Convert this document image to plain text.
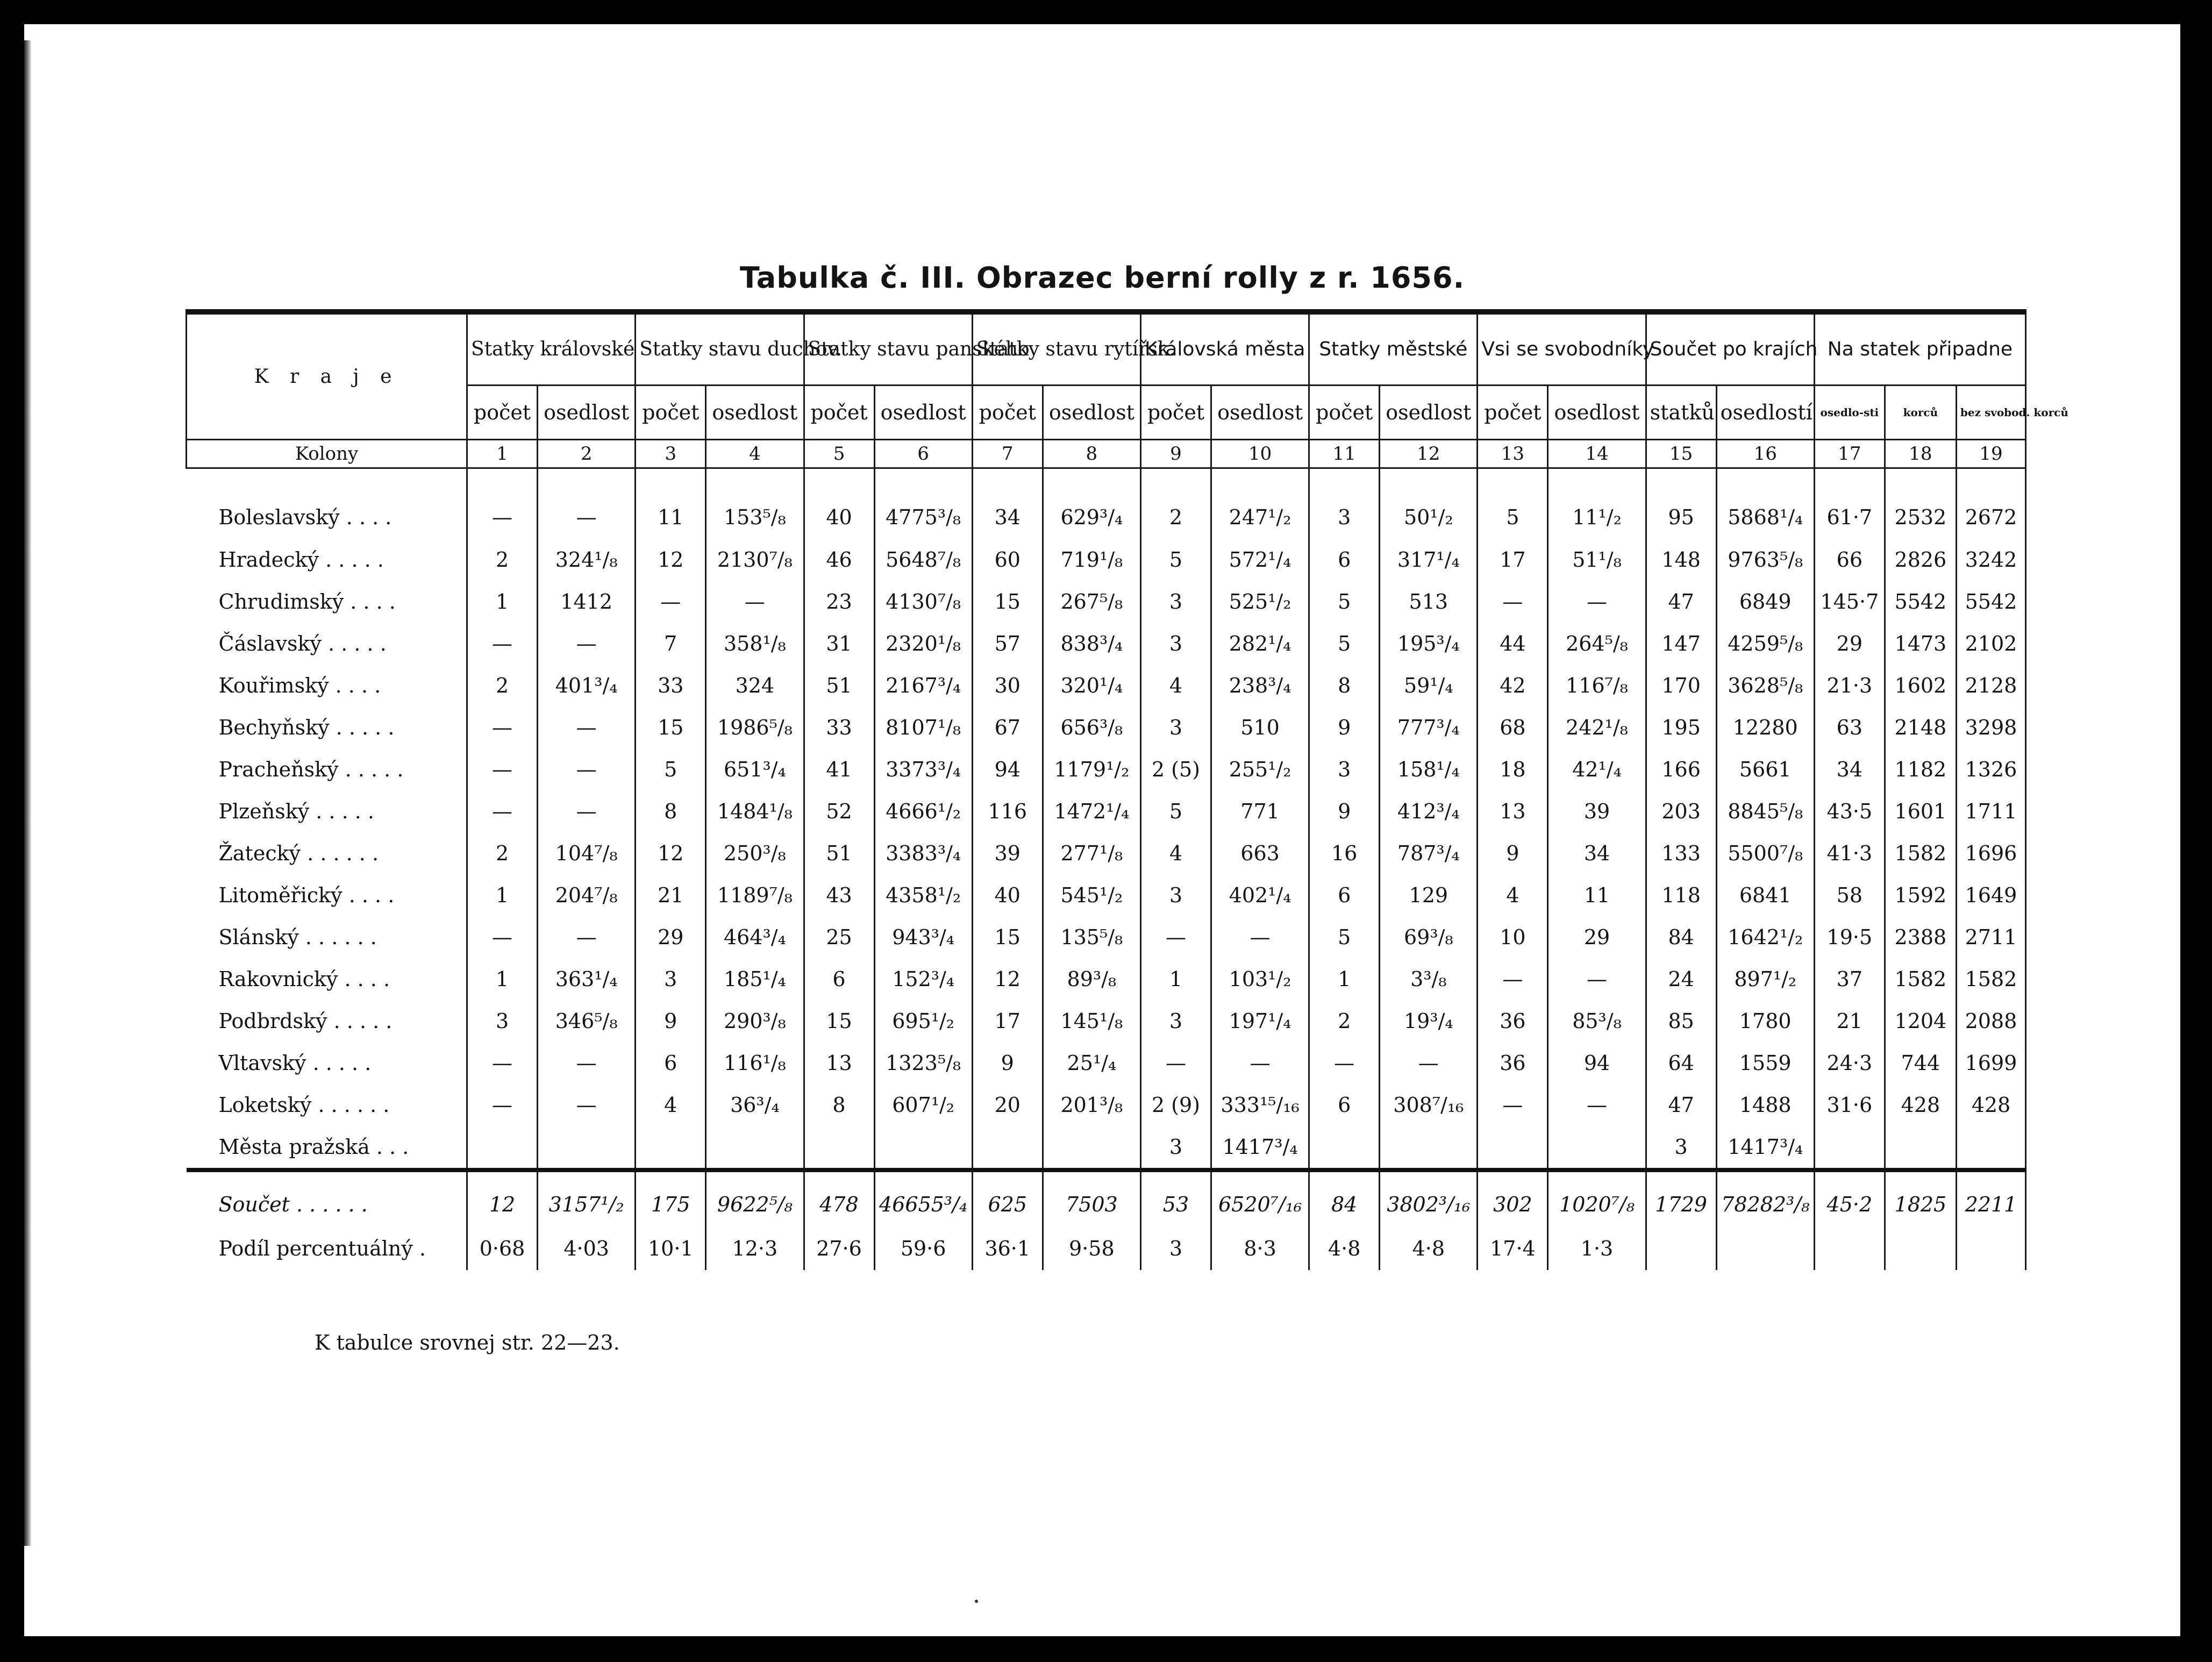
Tabulka č. III. Obrazec berní rolly z r. 1656.
K r a j e	Statky královské		Statky stavu duchov.		Statky stavu panského		Statky stavu rytířsk.		Královská města		Statky městské		Vsi se svobodníky		Součet po krajích		Na statek připadne		
	počet	osedlost	počet	osedlost	počet	osedlost	počet	osedlost	počet	osedlost	počet	osedlost	počet	osedlost	statků	osedlostí	osedlo-sti	korců	bez svobod. korců
Kolony	1	2	3	4	5	6	7	8	9	10	11	12	13	14	15	16	17	18	19
Boleslavský . . . .	—	—	11	153⁵/₈	40	4775³/₈	34	629³/₄	2	247¹/₂	3	50¹/₂	5	11¹/₂	95	5868¹/₄	61·7	2532	2672
Hradecký . . . . .	2	324¹/₈	12	2130⁷/₈	46	5648⁷/₈	60	719¹/₈	5	572¹/₄	6	317¹/₄	17	51¹/₈	148	9763⁵/₈	66	2826	3242
Chrudimský . . . .	1	1412	—	—	23	4130⁷/₈	15	267⁵/₈	3	525¹/₂	5	513	—	—	47	6849	145·7	5542	5542
Čáslavský . . . . .	—	—	7	358¹/₈	31	2320¹/₈	57	838³/₄	3	282¹/₄	5	195³/₄	44	264⁵/₈	147	4259⁵/₈	29	1473	2102
Kouřimský . . . .	2	401³/₄	33	324	51	2167³/₄	30	320¹/₄	4	238³/₄	8	59¹/₄	42	116⁷/₈	170	3628⁵/₈	21·3	1602	2128
Bechyňský . . . . .	—	—	15	1986⁵/₈	33	8107¹/₈	67	656³/₈	3	510	9	777³/₄	68	242¹/₈	195	12280	63	2148	3298
Pracheňský . . . . .	—	—	5	651³/₄	41	3373³/₄	94	1179¹/₂	2 (5)	255¹/₂	3	158¹/₄	18	42¹/₄	166	5661	34	1182	1326
Plzeňský . . . . .	—	—	8	1484¹/₈	52	4666¹/₂	116	1472¹/₄	5	771	9	412³/₄	13	39	203	8845⁵/₈	43·5	1601	1711
Žatecký . . . . . .	2	104⁷/₈	12	250³/₈	51	3383³/₄	39	277¹/₈	4	663	16	787³/₄	9	34	133	5500⁷/₈	41·3	1582	1696
Litoměřický . . . .	1	204⁷/₈	21	1189⁷/₈	43	4358¹/₂	40	545¹/₂	3	402¹/₄	6	129	4	11	118	6841	58	1592	1649
Slánský . . . . . .	—	—	29	464³/₄	25	943³/₄	15	135⁵/₈	—	—	5	69³/₈	10	29	84	1642¹/₂	19·5	2388	2711
Rakovnický . . . .	1	363¹/₄	3	185¹/₄	6	152³/₄	12	89³/₈	1	103¹/₂	1	3³/₈	—	—	24	897¹/₂	37	1582	1582
Podbrdský . . . . .	3	346⁵/₈	9	290³/₈	15	695¹/₂	17	145¹/₈	3	197¹/₄	2	19³/₄	36	85³/₈	85	1780	21	1204	2088
Vltavský . . . . .	—	—	6	116¹/₈	13	1323⁵/₈	9	25¹/₄	—	—	—	—	36	94	64	1559	24·3	744	1699
Loketský . . . . . .	—	—	4	36³/₄	8	607¹/₂	20	201³/₈	2 (9)	333¹⁵/₁₆	6	308⁷/₁₆	—	—	47	1488	31·6	428	428
Města pražská . . .									3	1417³/₄					3	1417³/₄			
Součet . . . . . .	12	3157¹/₂	175	9622⁵/₈	478	46655³/₄	625	7503	53	6520⁷/₁₆	84	3802³/₁₆	302	1020⁷/₈	1729	78282³/₈	45·2	1825	2211
Podíl percentuálný .	0·68	4·03	10·1	12·3	27·6	59·6	36·1	9·58	3	8·3	4·8	4·8	17·4	1·3					
K tabulce srovnej str. 22—23.
